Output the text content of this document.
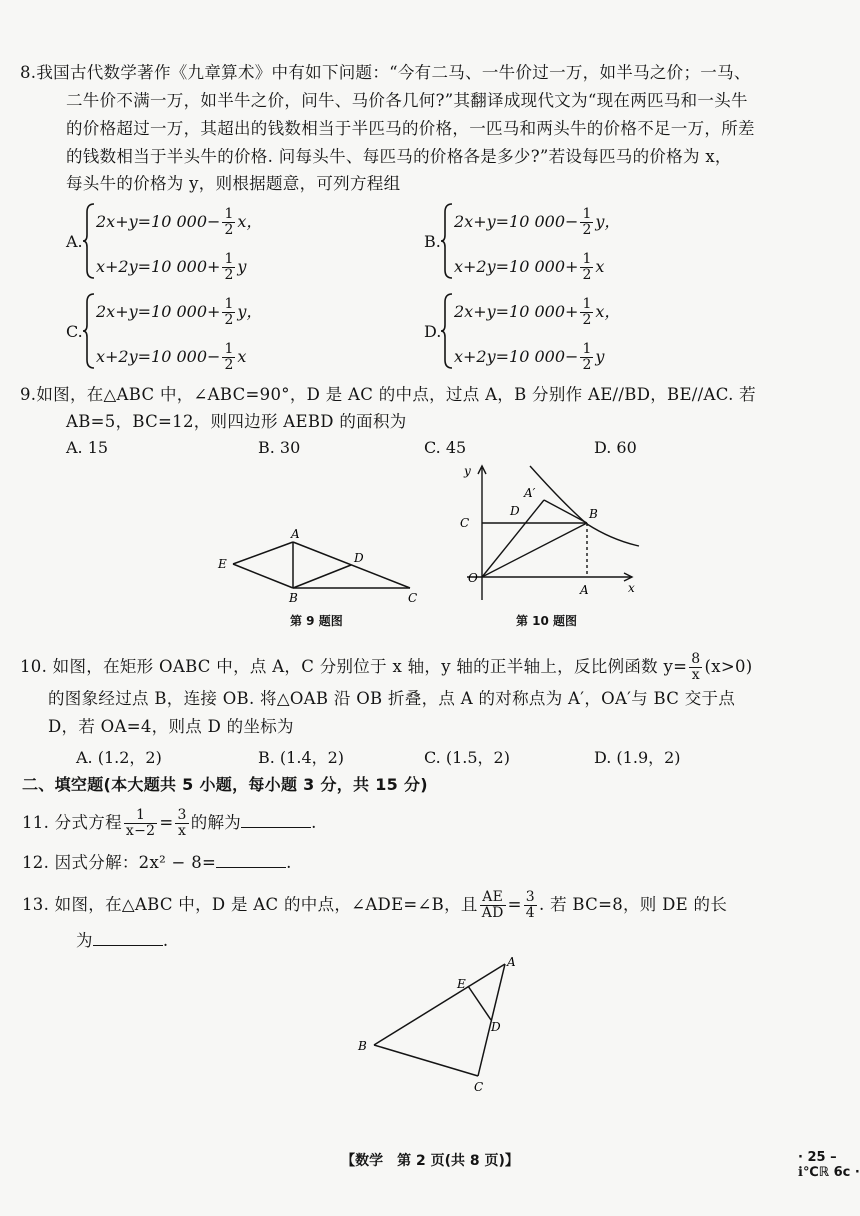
8.我国古代数学著作《九章算术》中有如下问题：“今有二马、一牛价过一万，如半马之价；一马、
二牛价不满一万，如半牛之价，问牛、马价各几何?”其翻译成现代文为“现在两匹马和一头牛
的价格超过一万，其超出的钱数相当于半匹马的价格，一匹马和两头牛的价格不足一万，所差
的钱数相当于半头牛的价格. 问每头牛、每匹马的价格各是多少?”若设每匹马的价格为 x，
每头牛的价格为 y，则根据题意，可列方程组
A.
2x+y=10 $000- \frac{1}{2}$ x，
x+2y=10 $000+ \frac{1}{2}$ y
B.
2x+y=10 $000- \frac{1}{2}$ y，
x+2y=10 $000+ \frac{1}{2}$ x
C.
2x+y=10 $000+ \frac{1}{2}$ y，
x+2y=10 $000- \frac{1}{2}$ x
D.
2x+y=10 $000+ \frac{1}{2}$ x，
x+2y=10 $000- \frac{1}{2}$ y
9.如图，在△ABC 中，∠ABC=90°，D 是 AC 的中点，过点 A，B 分别作 AE//BD，BE//AC. 若
AB=5，BC=12，则四边形 AEBD 的面积为
A. 15	B. 30	C. 45	D. 60
A
E
B
D
C
第 9 题图
y
x
O
C
B
A′
D
A
第 10 题图
10. 如图，在矩形 OABC 中，点 A，C 分别位于 x 轴，y 轴的正半轴上，反比例函数 $y= \frac{8}{x} (x>0)$
的图象经过点 B，连接 OB. 将△OAB 沿 OB 折叠，点 A 的对称点为 A′，OA′与 BC 交于点
D，若 OA=4，则点 D 的坐标为
A. (1.2，2)	B. (1.4，2)	C. (1.5，2)	D. (1.9，2)
二、填空题(本大题共 5 小题，每小题 3 分，共 15 分)
11. 分式方程 $\frac{1}{x-2} = \frac{3}{x}$ 的解为	.
12. 因式分解：2x² − 8=	.
13. 如图，在△ABC 中，D 是 AC 的中点，∠ADE=∠B，且 $\frac{AE}{AD} = \frac{3}{4}$ . 若 BC=8，则 DE 的长
为	.
A
B
C
E
D
【数学　第 2 页(共 8 页)】	· 25 – ℹ℃ℝ 6c ·
